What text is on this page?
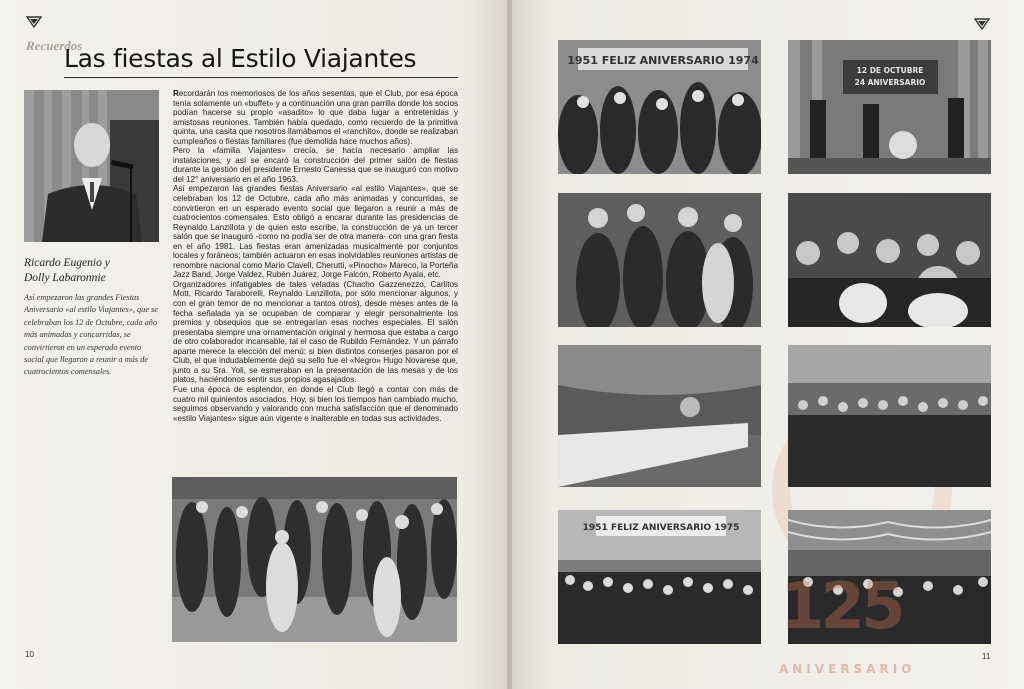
Recuerdos
Las fiestas al Estilo Viajantes
Ricardo Eugenio y
Dolly Labaronnie
Así empezaron las grandes Fiestas Aniversario «al estilo Viajantes», que se celebraban los 12 de Octubre, cada año más animadas y concurridas, se convirtieron en un esperado evento social que llegaron a reunir a más de cuatrocientos comensales.

Recordarán los memoriosos de los años sesentas, que el Club, por esa época tenía solamente un «buffet» y a continuación una gran parrilla donde los socios podían hacerse su propio «asadito» lo que daba lugar a entretenidas y amistosas reuniones. También había quedado, como recuerdo de la primitiva quinta, una casita que nosotros llamábamos el «ranchito», donde se realizaban cumpleaños o fiestas familiares (fue demolida hace muchos años).

Pero la «familia Viajantes» crecía, se hacía necesario ampliar las instalaciones, y así se encaró la construcción del primer salón de fiestas durante la gestión del presidente Ernesto Canessa que se inauguró con motivo del 12° aniversario en el año 1963.

Así empezaron las grandes fiestas Aniversario «al estilo Viajantes», que se celebraban los 12 de Octubre, cada año más animadas y concurridas, se convirtieron en un esperado evento social que llegaron a reunir a más de cuatrocientos comensales. Esto obligó a encarar durante las presidencias de Reynaldo Lanzillota y de quien esto escribe, la construcción de ya un tercer salón que se inauguró -como no podía ser de otra manera- con una gran fiesta en el año 1981. Las fiestas eran amenizadas musicalmente por conjuntos locales y foráneos; también actuaron en esas inolvidables reuniones artistas de renombre nacional como Mario Clavell, Cherutti, «Pinocho» Mareco, la Porteña Jazz Band, Jorge Valdez, Rubén Juárez, Jorge Falcón, Roberto Ayala, etc.

Organizadores infatigables de tales veladas (Chacho Gazzenezzo, Carlitos Mott, Ricardo Taraborelli, Reynaldo Lanzillota, por sólo mencionar algunos, y con el gran temor de no mencionar a tantos otros), desde meses antes de la fecha señalada ya se ocupaban de comparar y elegir personalmente los premios y obsequios que se entregarían esas noches especiales. El salón presentaba siempre una ornamentación original y hermosa que estaba a cargo de otro colaborador incansable, tal el caso de Rubildo Fernández. Y un párrafo aparte merece la elección del menú: si bien distintos conserjes pasaron por el Club, el que indudablemente dejó su sello fue el «Negro» Hugo Novarese que, junto a su Sra. Yoli, se esmeraban en la presentación de las mesas y de los platos, haciéndonos sentir sus propios agasajados.

Fue una época de esplendor, en donde el Club llegó a contar con más de cuatro mil quinientos asociados. Hoy, si bien los tiempos han cambiado mucho, seguimos observando y valorando con mucha satisfacción que el denominado «estilo Viajantes» sigue aún vigente e inalterable en todas sus actividades.

10
1951 FELIZ ANIVERSARIO 1974
12 DE OCTUBRE
24 ANIVERSARIO
1951 FELIZ ANIVERSARIO 1975
125
ANIVERSARIO
11
